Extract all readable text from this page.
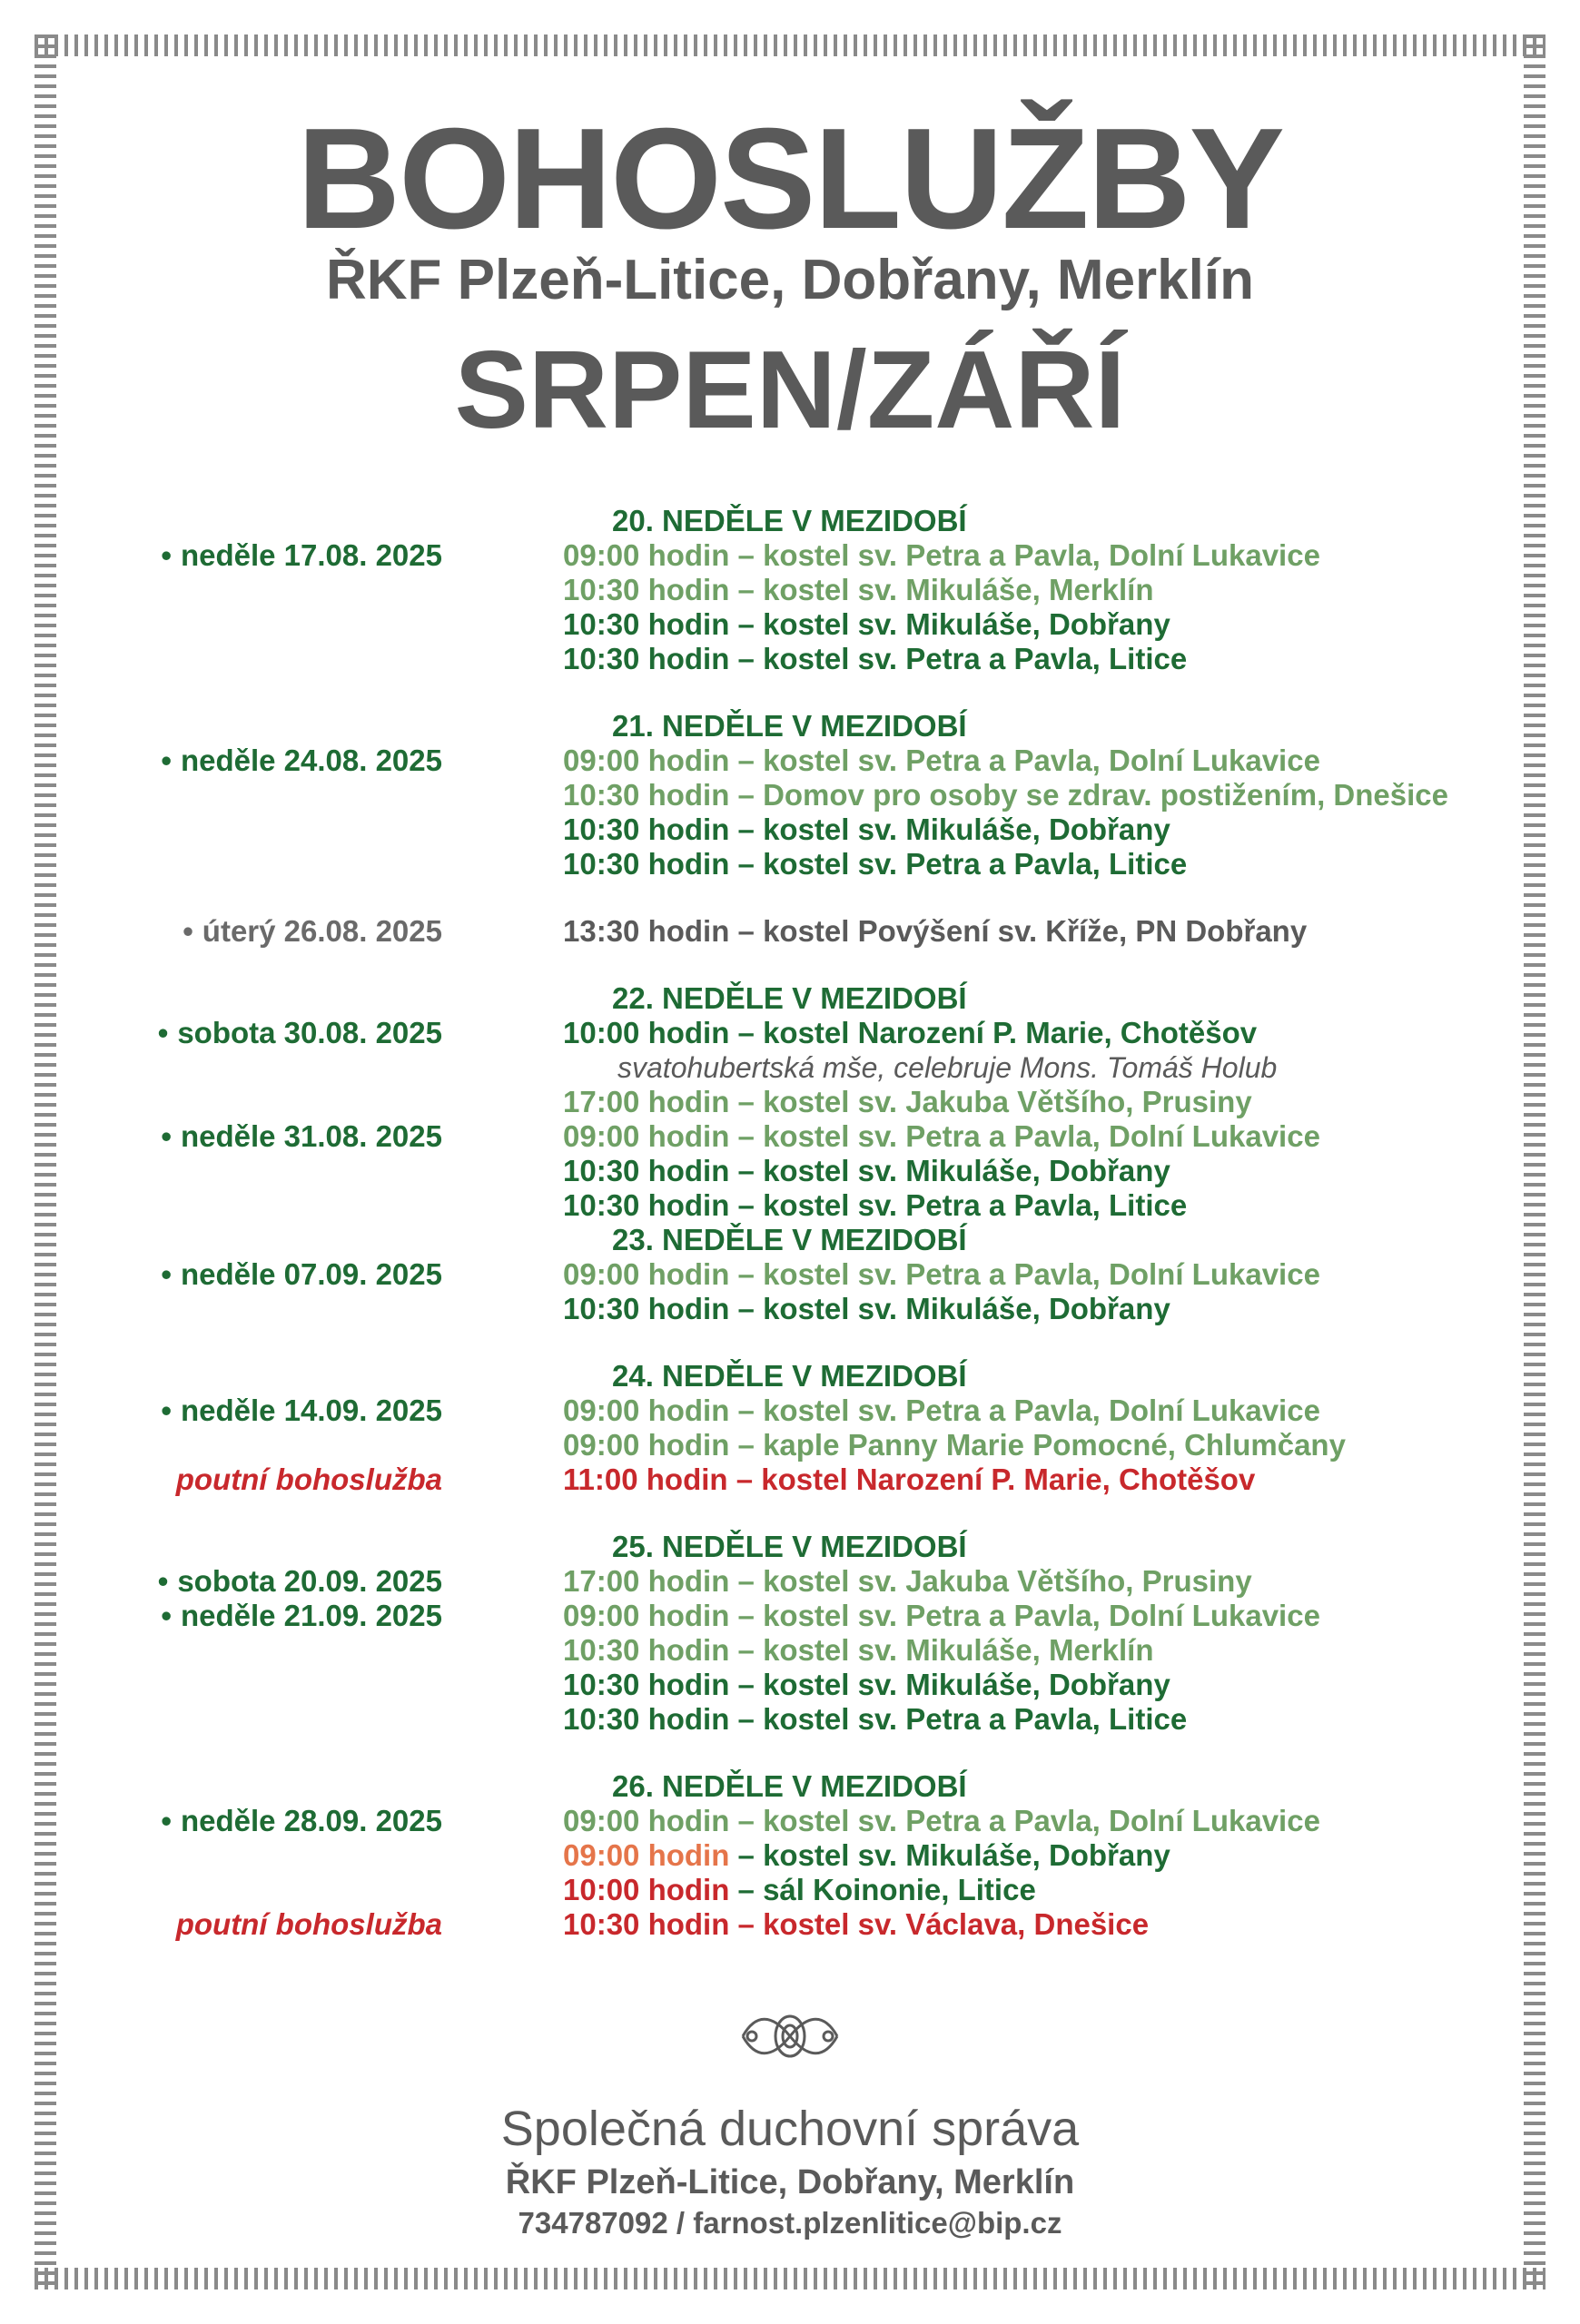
BOHOSLUŽBY
ŘKF Plzeň-Litice, Dobřany, Merklín
SRPEN/ZÁŘÍ
20. NEDĚLE V MEZIDOBÍ
• neděle 17.08. 2025	09:00 hodin – kostel sv. Petra a Pavla, Dolní Lukavice
10:30 hodin – kostel sv. Mikuláše, Merklín
10:30 hodin – kostel sv. Mikuláše, Dobřany
10:30 hodin – kostel sv. Petra a Pavla, Litice
21. NEDĚLE V MEZIDOBÍ
• neděle 24.08. 2025	09:00 hodin – kostel sv. Petra a Pavla, Dolní Lukavice
10:30 hodin – Domov pro osoby se zdrav. postižením, Dnešice
10:30 hodin – kostel sv. Mikuláše, Dobřany
10:30 hodin – kostel sv. Petra a Pavla, Litice
• úterý 26.08. 2025	13:30 hodin – kostel Povýšení sv. Kříže, PN Dobřany
22. NEDĚLE V MEZIDOBÍ
• sobota 30.08. 2025	10:00 hodin – kostel Narození P. Marie, Chotěšov
svatohubertská mše, celebruje Mons. Tomáš Holub
17:00 hodin – kostel sv. Jakuba Většího, Prusiny
• neděle 31.08. 2025	09:00 hodin – kostel sv. Petra a Pavla, Dolní Lukavice
10:30 hodin – kostel sv. Mikuláše, Dobřany
10:30 hodin – kostel sv. Petra a Pavla, Litice
23. NEDĚLE V MEZIDOBÍ
• neděle 07.09. 2025	09:00 hodin – kostel sv. Petra a Pavla, Dolní Lukavice
10:30 hodin – kostel sv. Mikuláše, Dobřany
24. NEDĚLE V MEZIDOBÍ
• neděle 14.09. 2025	09:00 hodin – kostel sv. Petra a Pavla, Dolní Lukavice
09:00 hodin – kaple Panny Marie Pomocné, Chlumčany
poutní bohoslužba	11:00 hodin – kostel Narození P. Marie, Chotěšov
25. NEDĚLE V MEZIDOBÍ
• sobota 20.09. 2025	17:00 hodin – kostel sv. Jakuba Většího, Prusiny
• neděle 21.09. 2025	09:00 hodin – kostel sv. Petra a Pavla, Dolní Lukavice
10:30 hodin – kostel sv. Mikuláše, Merklín
10:30 hodin – kostel sv. Mikuláše, Dobřany
10:30 hodin – kostel sv. Petra a Pavla, Litice
26. NEDĚLE V MEZIDOBÍ
• neděle 28.09. 2025	09:00 hodin – kostel sv. Petra a Pavla, Dolní Lukavice
09:00 hodin – kostel sv. Mikuláše, Dobřany
10:00 hodin – sál Koinonie, Litice
poutní bohoslužba	10:30 hodin – kostel sv. Václava, Dnešice
Společná duchovní správa
ŘKF Plzeň-Litice, Dobřany, Merklín
734787092 / farnost.plzenlitice@bip.cz
